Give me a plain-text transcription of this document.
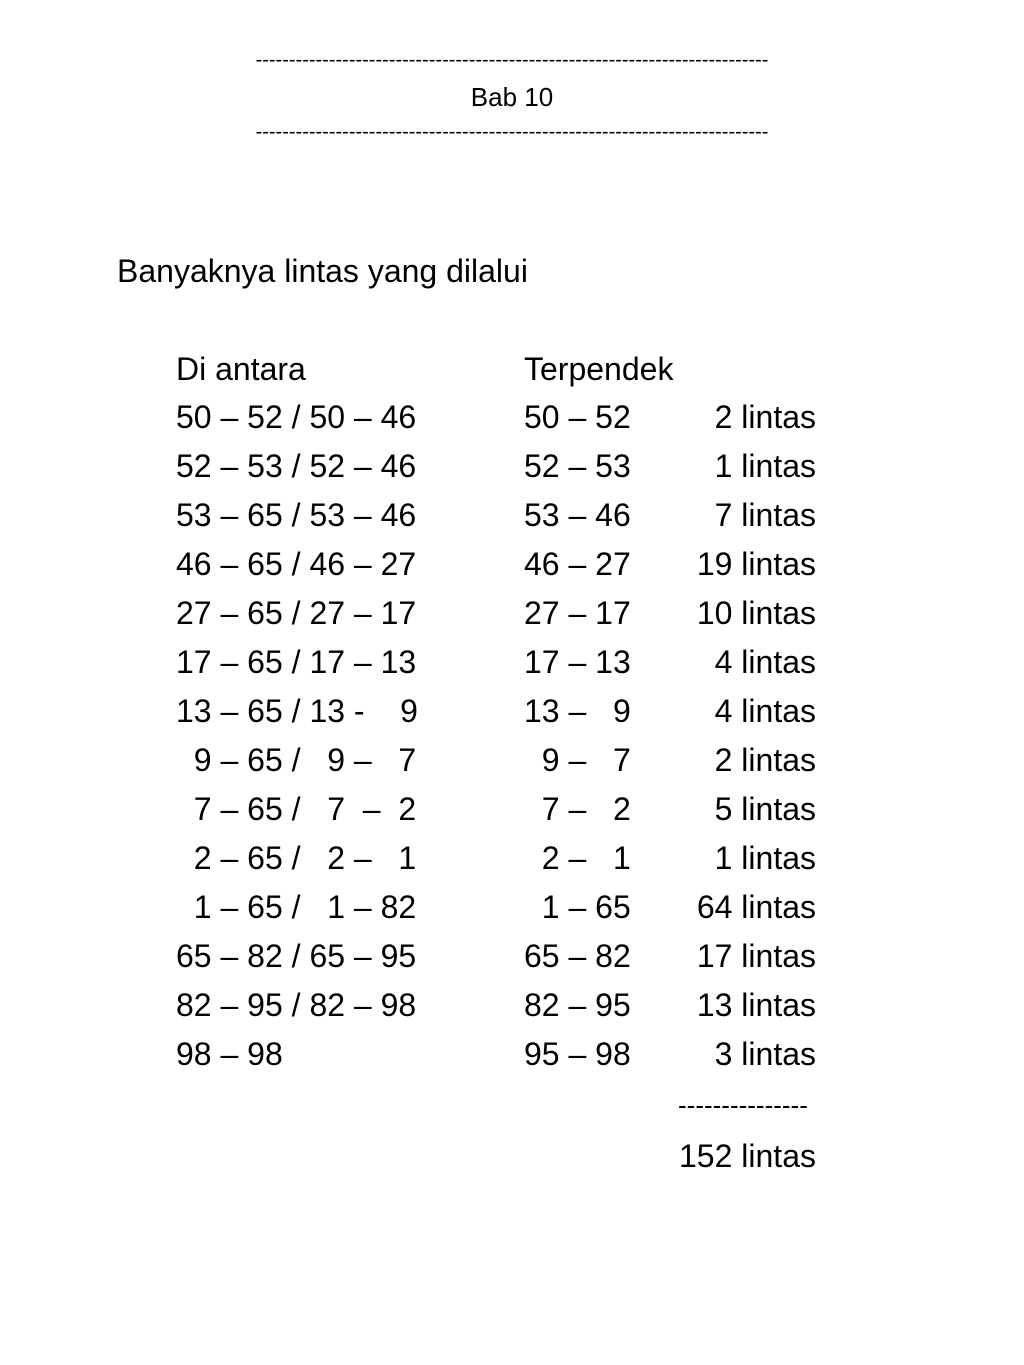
-----------------------------------------------------------------------------
Bab 10
-----------------------------------------------------------------------------
Banyaknya lintas yang dilalui
Di antara	Terpendek
50 – 52 / 50 – 46	50 – 52	2 lintas
52 – 53 / 52 – 46	52 – 53	1 lintas
53 – 65 / 53 – 46	53 – 46	7 lintas
46 – 65 / 46 – 27	46 – 27	19 lintas
27 – 65 / 27 – 17	27 – 17	10 lintas
17 – 65 / 17 – 13	17 – 13	4 lintas
13 – 65 / 13 -    9	13 –   9	4 lintas
9 – 65 /   9 –   7	9 –   7	2 lintas
7 – 65 /   7  –  2	7 –   2	5 lintas
2 – 65 /   2 –   1	2 –   1	1 lintas
1 – 65 /   1 – 82	1 – 65	64 lintas
65 – 82 / 65 – 95	65 – 82	17 lintas
82 – 95 / 82 – 98	82 – 95	13 lintas
98 – 98	95 – 98	3 lintas
---------------
152 lintas
